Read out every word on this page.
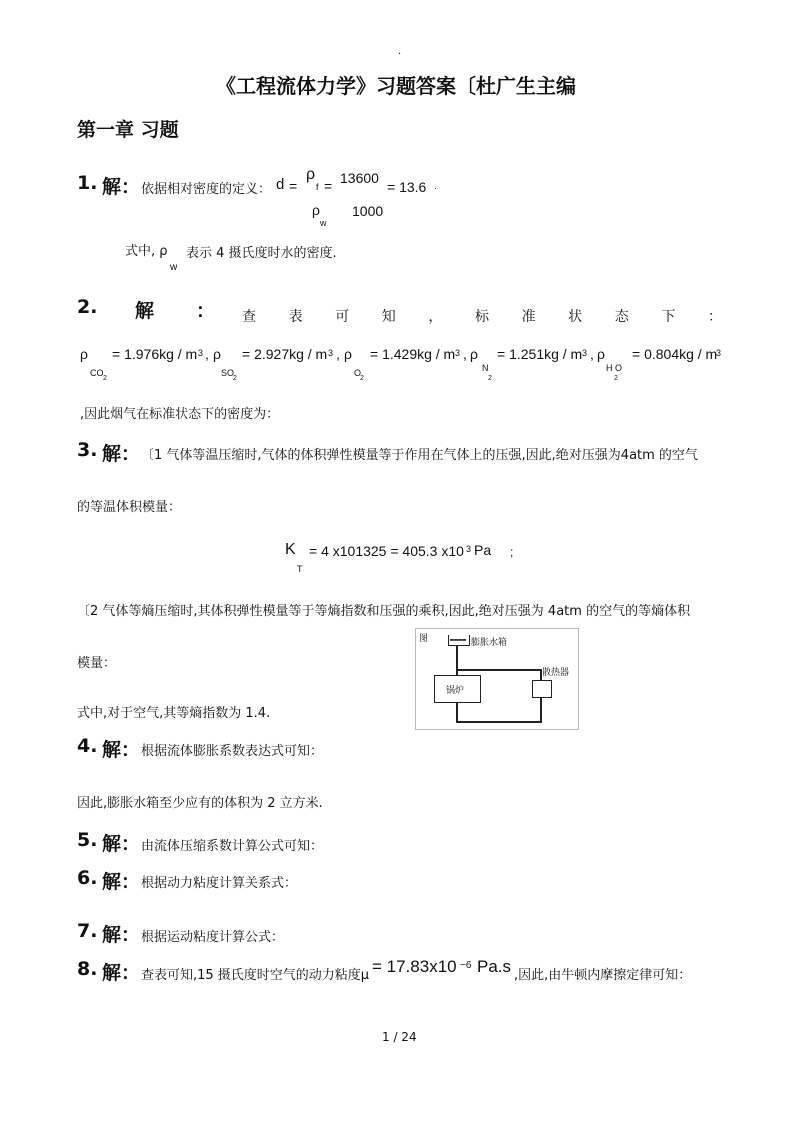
.
《工程流体力学》习题答案〔杜广生主编
第一章 习题
1. 解： 依据相对密度的定义： d =
ρ
f = 13600
ρ
w
1000
= 13.6 .
式中, ρ
w
表示 4 摄氏度时水的密度.
2. 解 ： 查 表 可 知 ， 标 准 状 态 下 ：
ρ
CO
2
= 1.976kg / m 3 , ρ
SO
2
= 2.927kg / m 3 , ρ
O
2
= 1.429kg / m 3 , ρ
N
2
= 1.251kg / m 3 , ρ
H O
2
= 0.804kg / m
3
,因此烟气在标准状态下的密度为：
3. 解： 〔1 气体等温压缩时,气体的体积弹性模量等于作用在气体上的压强,因此,绝对压强为4atm 的空气
的等温体积模量：
K
T
= 4 x101325 = 405.3 x10 3 Pa ;
〔2 气体等熵压缩时,其体积弹性模量等于等熵指数和压强的乘积,因此,绝对压强为 4atm 的空气的等熵体积
模量：
式中,对于空气,其等熵指数为 1.4.
图	膨胀水箱
散热器
锅炉
4. 解： 根据流体膨胀系数表达式可知：
因此,膨胀水箱至少应有的体积为 2 立方米.
5. 解： 由流体压缩系数计算公式可知：
6. 解： 根据动力粘度计算关系式：
7. 解： 根据运动粘度计算公式：
8. 解： 查表可知,15 摄氏度时空气的动力粘度μ = 17.83x10 −6 Pa.s ,因此,由牛顿内摩擦定律可知：
1 / 24
